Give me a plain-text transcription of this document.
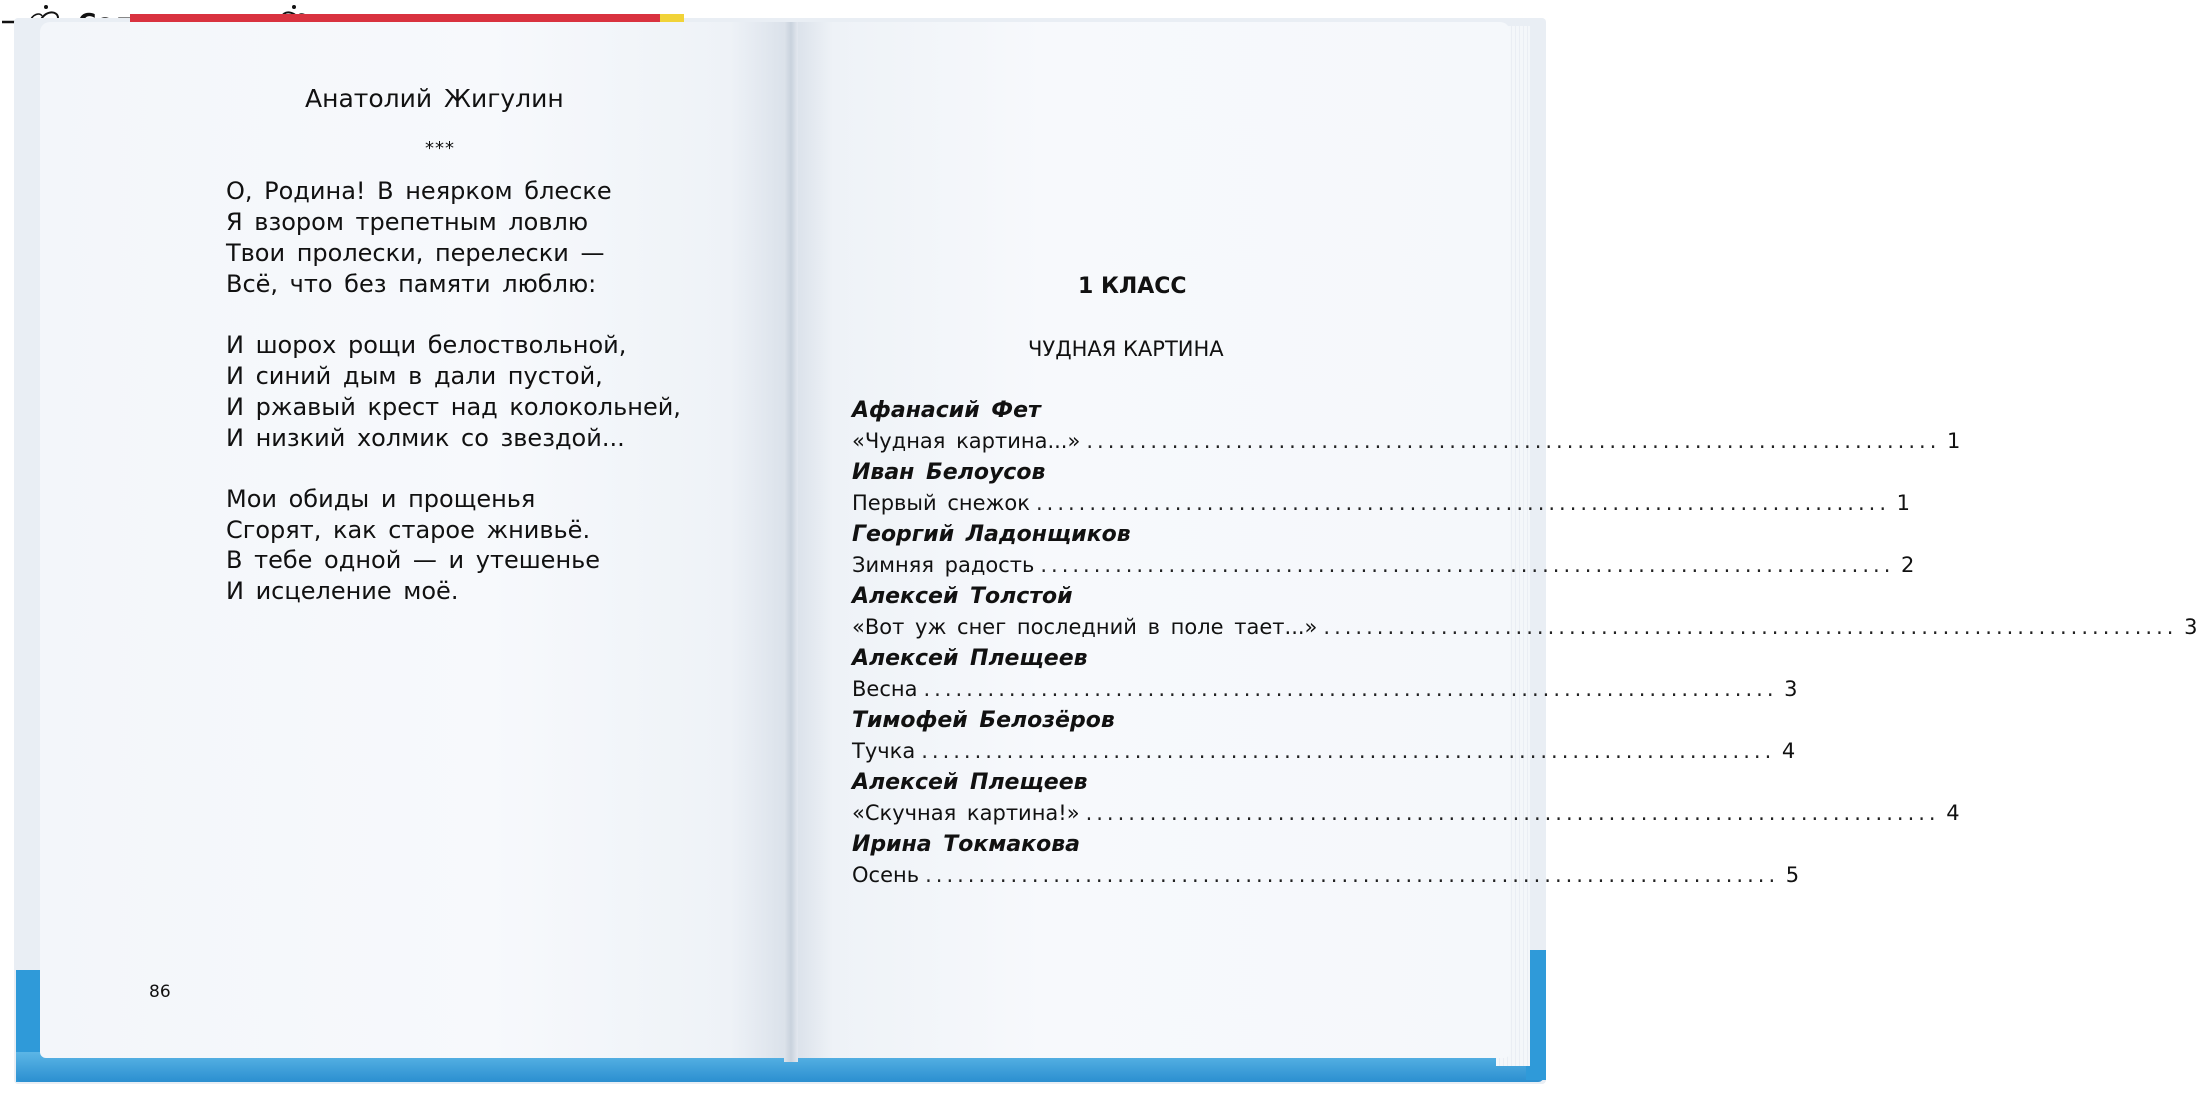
Анатолий Жигулин

***

О, Родина! В неярком блеске

Я взором трепетным ловлю

Твои пролески, перелески —

Всё, что без памяти люблю:

И шорох рощи белоствольной,

И синий дым в дали пустой,

И ржавый крест над колокольней,

И низкий холмик со звездой...

Мои обиды и прощенья

Сгорят, как старое жнивьё.

В тебе одной — и утешенье

И исцеление моё.

86

1 КЛАСС

ЧУДНАЯ КАРТИНА

Афанасий Фет
«Чудная картина...» ................................................................................ 1
Иван Белоусов
Первый снежок ................................................................................ 1
Георгий Ладонщиков
Зимняя радость ................................................................................ 2
Алексей Толстой
«Вот уж снег последний в поле тает...» ................................................................................ 3
Алексей Плещеев
Весна ................................................................................ 3
Тимофей Белозёров
Тучка ................................................................................ 4
Алексей Плещеев
«Скучная картина!» ................................................................................ 4
Ирина Токмакова
Осень ................................................................................ 5
